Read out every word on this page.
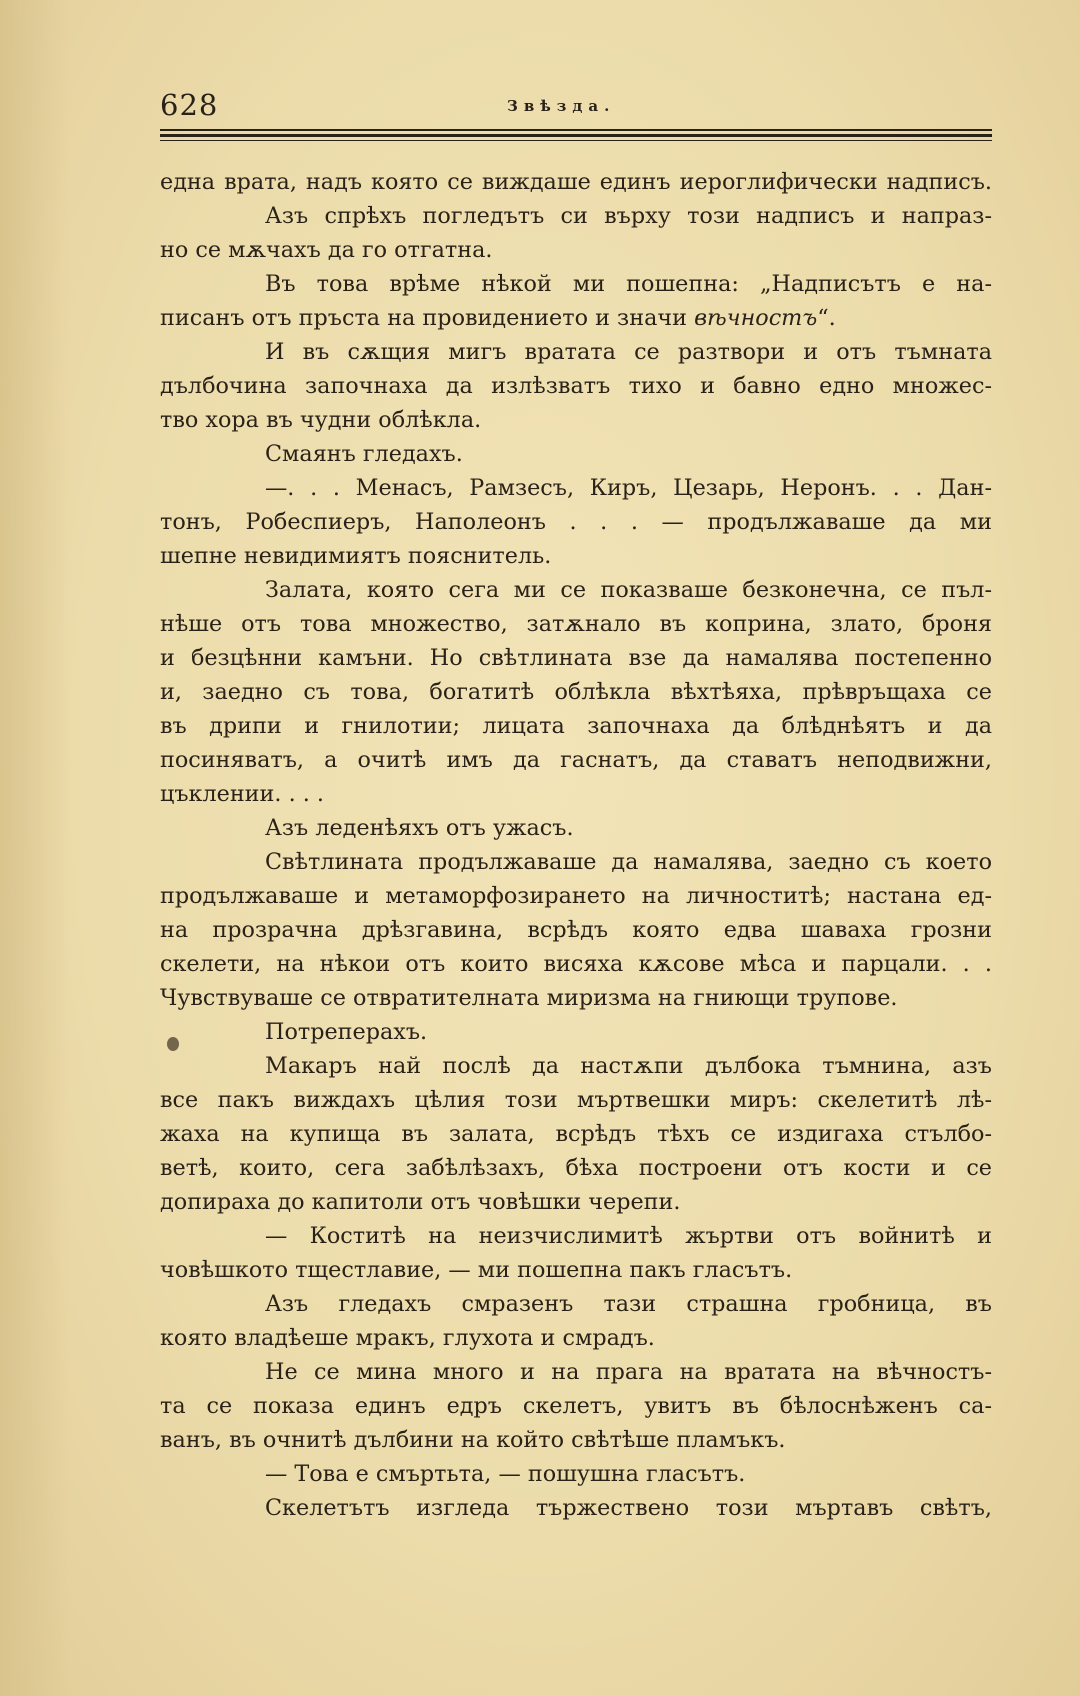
628	Звѣзда.
една врата, надъ която се виждаше единъ иероглифически надписъ.
Азъ спрѣхъ погледътъ си върху този надписъ и напраз-
но се мѫчахъ да го отгатна.
Въ това врѣме нѣкой ми пошепна: „Надписътъ е на-
писанъ отъ пръста на провидението и значи вѣчностъ“.
И въ сѫщия мигъ вратата се разтвори и отъ тъмната
дълбочина започнаха да излѣзватъ тихо и бавно едно множес-
тво хора въ чудни облѣкла.
Смаянъ гледахъ.
—. . . Менасъ, Рамзесъ, Киръ, Цезарь, Неронъ. . . Дан-
тонъ, Робеспиеръ, Наполеонъ . . . — продължаваше да ми
шепне невидимиятъ пояснитель.
Залата, която сега ми се показваше безконечна, се пъл-
нѣше отъ това множество, затѫнало въ коприна, злато, броня
и безцѣнни камъни. Но свѣтлината взе да намалява постепенно
и, заедно съ това, богатитѣ облѣкла вѣхтѣяха, прѣвръщаха се
въ дрипи и гнилотии; лицата започнаха да блѣднѣятъ и да
посиняватъ, а очитѣ имъ да гаснатъ, да ставатъ неподвижни,
цъклении. . . .
Азъ леденѣяхъ отъ ужасъ.
Свѣтлината продължаваше да намалява, заедно съ което
продължаваше и метаморфозирането на личноститѣ; настана ед-
на прозрачна дрѣзгавина, всрѣдъ която едва шаваха грозни
скелети, на нѣкои отъ които висяха кѫсове мѣса и парцали. . .
Чувствуваше се отвратителната миризма на гниющи трупове.
Потреперахъ.
Макаръ най послѣ да настѫпи дълбока тъмнина, азъ
все пакъ виждахъ цѣлия този мъртвешки миръ: скелетитѣ лѣ-
жаха на купища въ залата, всрѣдъ тѣхъ се издигаха стълбо-
ветѣ, които, сега забѣлѣзахъ, бѣха построени отъ кости и се
допираха до капитоли отъ човѣшки черепи.
— Коститѣ на неизчислимитѣ жъртви отъ войнитѣ и
човѣшкото тщестлавие, — ми пошепна пакъ гласътъ.
Азъ гледахъ смразенъ тази страшна гробница, въ
която владѣеше мракъ, глухота и смрадъ.
Не се мина много и на прага на вратата на вѣчностъ-
та се показа единъ едръ скелетъ, увитъ въ бѣлоснѣженъ са-
ванъ, въ очнитѣ дълбини на който свѣтѣше пламъкъ.
— Това е смъртьта, — пошушна гласътъ.
Скелетътъ изгледа тържествено този мъртавъ свѣтъ,
